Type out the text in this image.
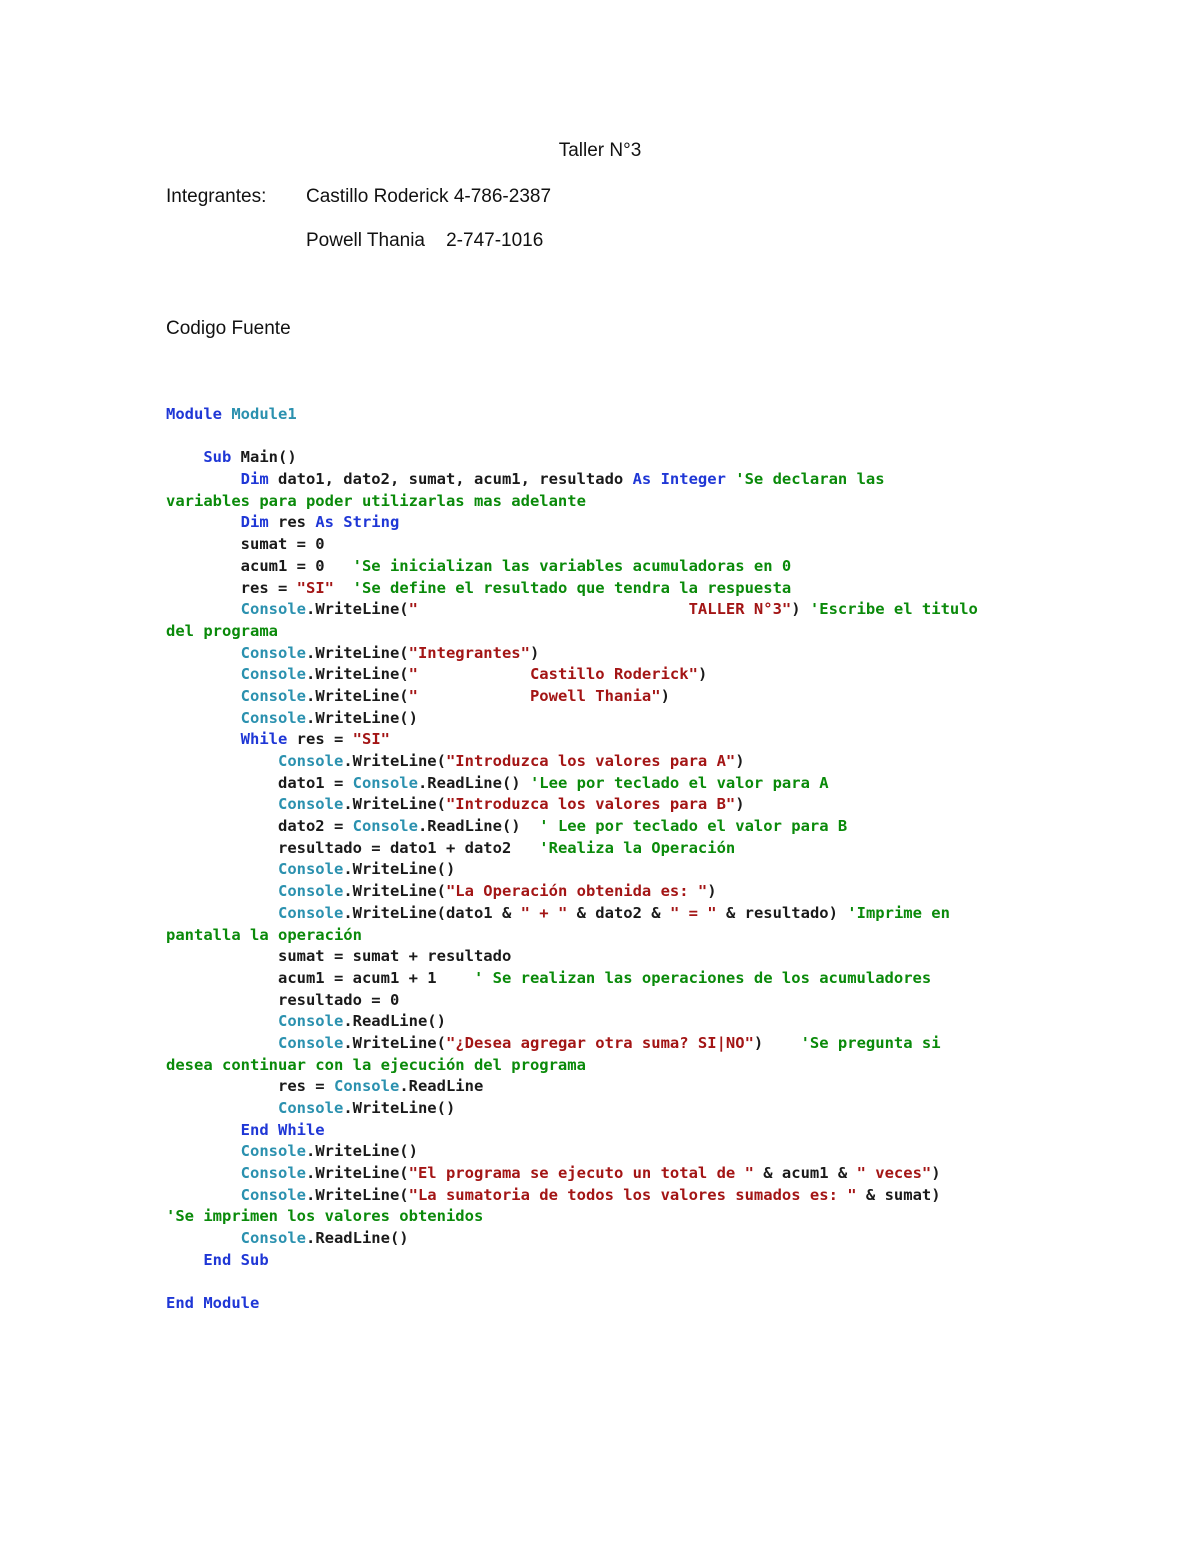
Taller N°3
Integrantes:	Castillo Roderick 4-786-2387
Powell Thania    2-747-1016
Codigo Fuente
Module Module1

Sub Main()
Dim dato1, dato2, sumat, acum1, resultado As Integer 'Se declaran las
variables para poder utilizarlas mas adelante
Dim res As String
sumat = 0
acum1 = 0   'Se inicializan las variables acumuladoras en 0
res = "SI" 'Se define el resultado que tendra la respuesta
Console.WriteLine("                             TALLER N°3") 'Escribe el titulo
del programa
Console.WriteLine("Integrantes")
Console.WriteLine("            Castillo Roderick")
Console.WriteLine("            Powell Thania")
Console.WriteLine()
While res = "SI"
Console.WriteLine("Introduzca los valores para A")
dato1 = Console.ReadLine() 'Lee por teclado el valor para A
Console.WriteLine("Introduzca los valores para B")
dato2 = Console.ReadLine()  ' Lee por teclado el valor para B
resultado = dato1 + dato2   'Realiza la Operación
Console.WriteLine()
Console.WriteLine("La Operación obtenida es: ")
Console.WriteLine(dato1 & " + " & dato2 & " = " & resultado) 'Imprime en
pantalla la operación
sumat = sumat + resultado
acum1 = acum1 + 1    ' Se realizan las operaciones de los acumuladores
resultado = 0
Console.ReadLine()
Console.WriteLine("¿Desea agregar otra suma? SI|NO")    'Se pregunta si
desea continuar con la ejecución del programa
res = Console.ReadLine
Console.WriteLine()
End While
Console.WriteLine()
Console.WriteLine("El programa se ejecuto un total de " & acum1 & " veces")
Console.WriteLine("La sumatoria de todos los valores sumados es: " & sumat)
'Se imprimen los valores obtenidos
Console.ReadLine()
End Sub

End Module
